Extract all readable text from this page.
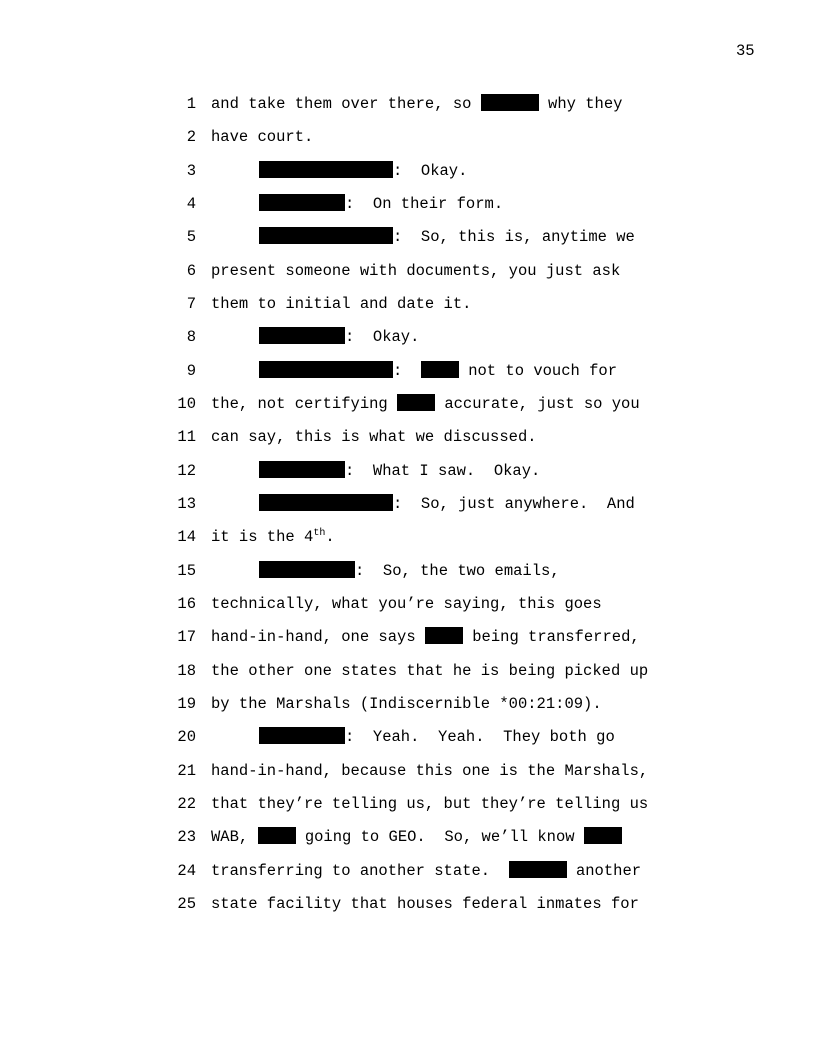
35
1 and take them over there, so	why they
2 have court.
3	:  Okay.
4	:  On their form.
5	:  So, this is, anytime we
6 present someone with documents, you just ask
7 them to initial and date it.
8	:  Okay.
9	:   not to vouch for
10 the, not certifying  accurate, just so you
11 can say, this is what we discussed.
12	:  What I saw.  Okay.
13	:  So, just anywhere.  And
14 it is the 4th.
15	:  So, the two emails,
16 technically, what you’re saying, this goes
17 hand-in-hand, one says  being transferred,
18 the other one states that he is being picked up
19 by the Marshals (Indiscernible *00:21:09).
20	:  Yeah.  Yeah.  They both go
21 hand-in-hand, because this one is the Marshals,
22 that they’re telling us, but they’re telling us
23 WAB,  going to GEO.  So, we’ll know
24 transferring to another state.	another
25 state facility that houses federal inmates for
